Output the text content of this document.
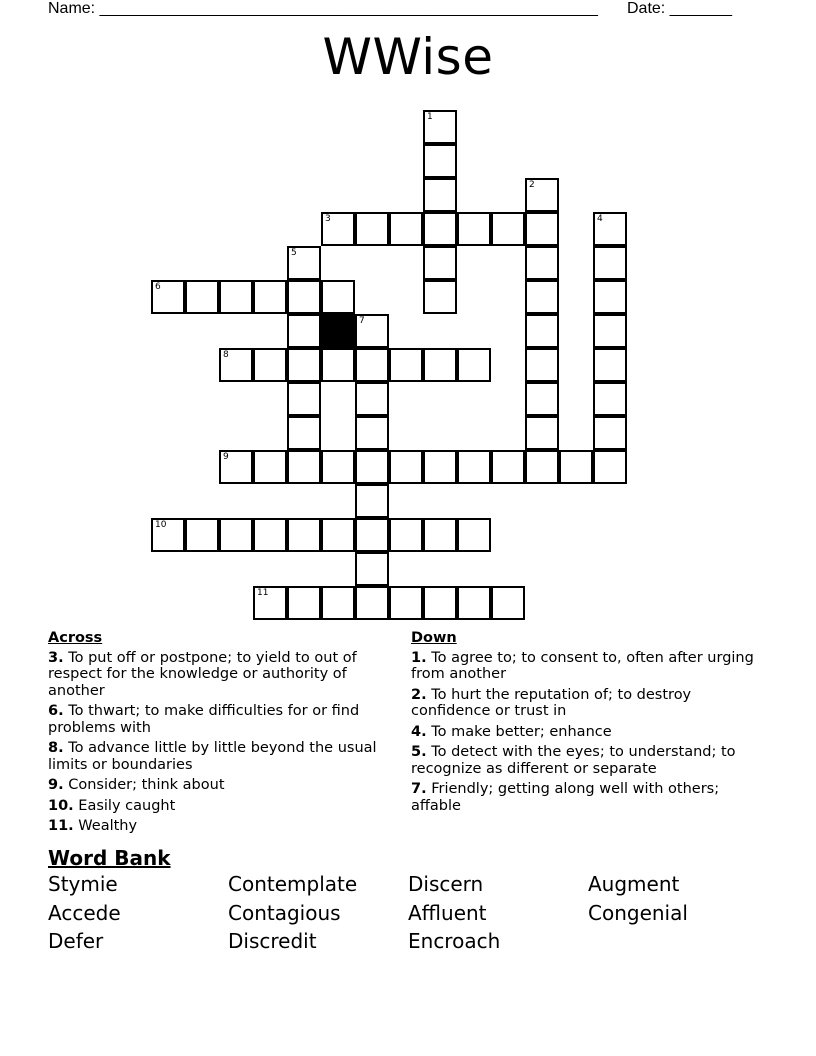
Name: ________________________________________________________ Date: _______
WWise
1
2
3	4
5
6
7
8
9
10
11
Across
3. To put off or postpone; to yield to out of respect for the knowledge or authority of another
6. To thwart; to make difficulties for or find problems with
8. To advance little by little beyond the usual limits or boundaries
9. Consider; think about
10. Easily caught
11. Wealthy
Down
1. To agree to; to consent to, often after urging from another
2. To hurt the reputation of; to destroy confidence or trust in
4. To make better; enhance
5. To detect with the eyes; to understand; to recognize as different or separate
7. Friendly; getting along well with others; affable
Word Bank
Stymie	Contemplate	Discern	Augment
Accede	Contagious	Affluent	Congenial
Defer	Discredit	Encroach
